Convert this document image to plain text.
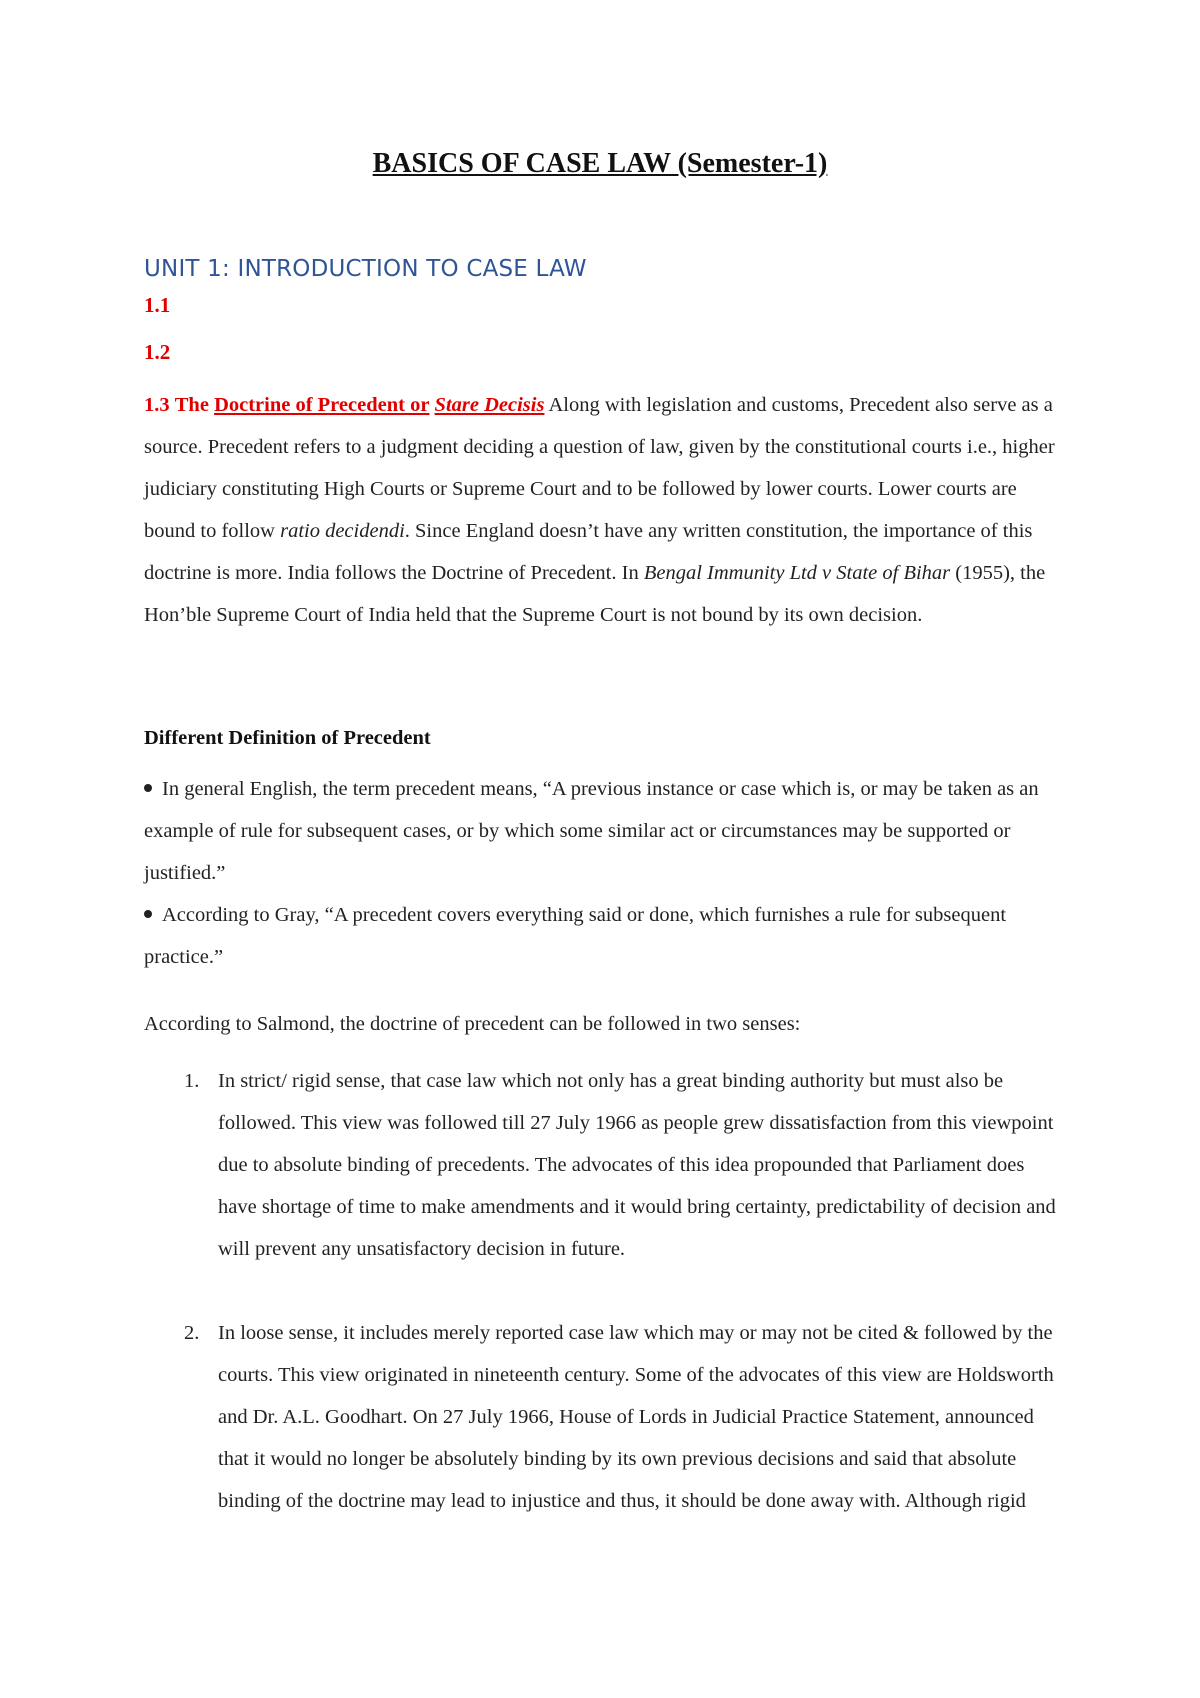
BASICS OF CASE LAW (Semester-1)
UNIT 1: INTRODUCTION TO CASE LAW
1.1
1.2
1.3 The Doctrine of Precedent or Stare Decisis Along with legislation and customs, Precedent also serve as a source. Precedent refers to a judgment deciding a question of law, given by the constitutional courts i.e., higher judiciary constituting High Courts or Supreme Court and to be followed by lower courts. Lower courts are bound to follow ratio decidendi. Since England doesn’t have any written constitution, the importance of this doctrine is more. India follows the Doctrine of Precedent. In Bengal Immunity Ltd v State of Bihar (1955), the Hon’ble Supreme Court of India held that the Supreme Court is not bound by its own decision.
Different Definition of Precedent
In general English, the term precedent means, “A previous instance or case which is, or may be taken as an example of rule for subsequent cases, or by which some similar act or circumstances may be supported or justified.”
According to Gray, “A precedent covers everything said or done, which furnishes a rule for subsequent practice.”
According to Salmond, the doctrine of precedent can be followed in two senses:
1. In strict/ rigid sense, that case law which not only has a great binding authority but must also be followed. This view was followed till 27 July 1966 as people grew dissatisfaction from this viewpoint due to absolute binding of precedents. The advocates of this idea propounded that Parliament does have shortage of time to make amendments and it would bring certainty, predictability of decision and will prevent any unsatisfactory decision in future.
2. In loose sense, it includes merely reported case law which may or may not be cited & followed by the courts. This view originated in nineteenth century. Some of the advocates of this view are Holdsworth and Dr. A.L. Goodhart. On 27 July 1966, House of Lords in Judicial Practice Statement, announced that it would no longer be absolutely binding by its own previous decisions and said that absolute binding of the doctrine may lead to injustice and thus, it should be done away with. Although rigid
